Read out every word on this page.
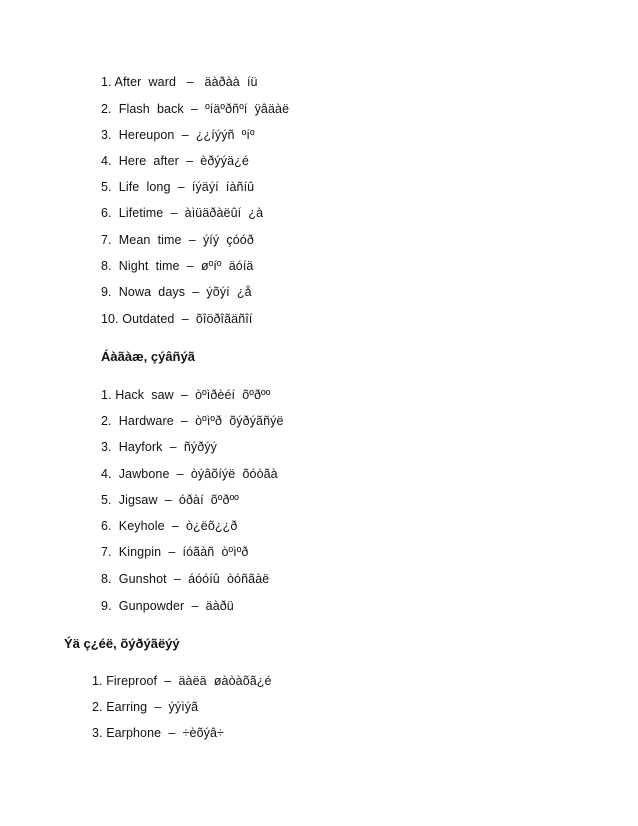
1. After  ward   –   äàðàà  íü
2.  Flash  back  –  ºíäºðñºí  ÿâäàë
3.  Hereupon  –  ¿¿íýýñ  ºíº
4.  Here  after  –  èðýýä¿é
5.  Life  long  –  íýäýí  íàñíû
6.  Lifetime  –  àìüäðàëûí  ¿à
7.  Mean  time  –  ýíý  çóóð
8.  Night  time  –  øºíº  äóíä
9.  Nowa  days  –  ýõýí  ¿å
10. Outdated  –  õîöðîãäñîí
Áàãàæ, çýâñýã
1. Hack  saw  –  òºìðèéí  õºðºº
2.  Hardware  –  òºìºð  õýðýãñýë
3.  Hayfork  –  ñýðýý
4.  Jawbone  –  òýâõíýë  õóòãà
5.  Jigsaw  –  óðàí  õºðºº
6.  Keyhole  –  ò¿ëõ¿¿ð
7.  Kingpin  –  íóãàñ  òºìºð
8.  Gunshot  –  áóóíû  òóñãàë
9.  Gunpowder  –  äàðü
Ýä ç¿éë, õýðýãëýý
1. Fireproof  –  äàëä  øàòàõã¿é
2. Earring  –  ýýìýã
3. Earphone  –  ÷èõýâ÷
